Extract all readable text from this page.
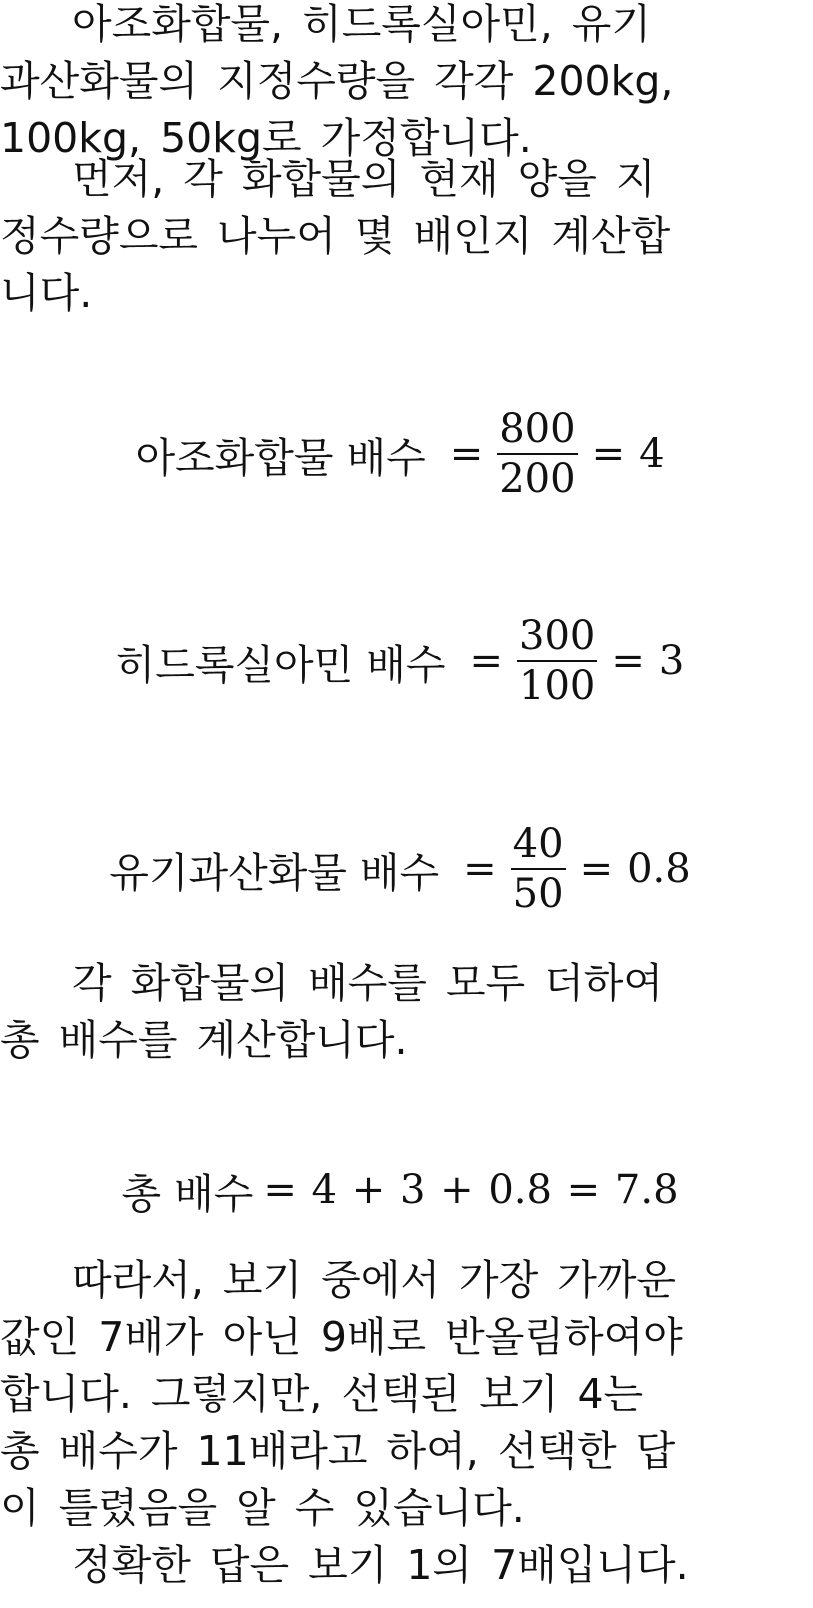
아조화합물, 히드록실아민, 유기
과산화물의 지정수량을 각각 200kg,
100kg, 50kg로 가정합니다.
먼저, 각 화합물의 현재 양을 지
정수량으로 나누어 몇 배인지 계산합
니다.
아조화합물 배수 = $\frac{800}{200} = 4$
히드록실아민 배수 = $\frac{300}{100} = 3$
유기과산화물 배수 = $\frac{40}{50} = 0.8$
각 화합물의 배수를 모두 더하여
총 배수를 계산합니다.
총 배수 = 4 + 3 + 0.8 = 7.8
따라서, 보기 중에서 가장 가까운
값인 7배가 아닌 9배로 반올림하여야
합니다. 그렇지만, 선택된 보기 4는
총 배수가 11배라고 하여, 선택한 답
이 틀렸음을 알 수 있습니다.
정확한 답은 보기 1의 7배입니다.
